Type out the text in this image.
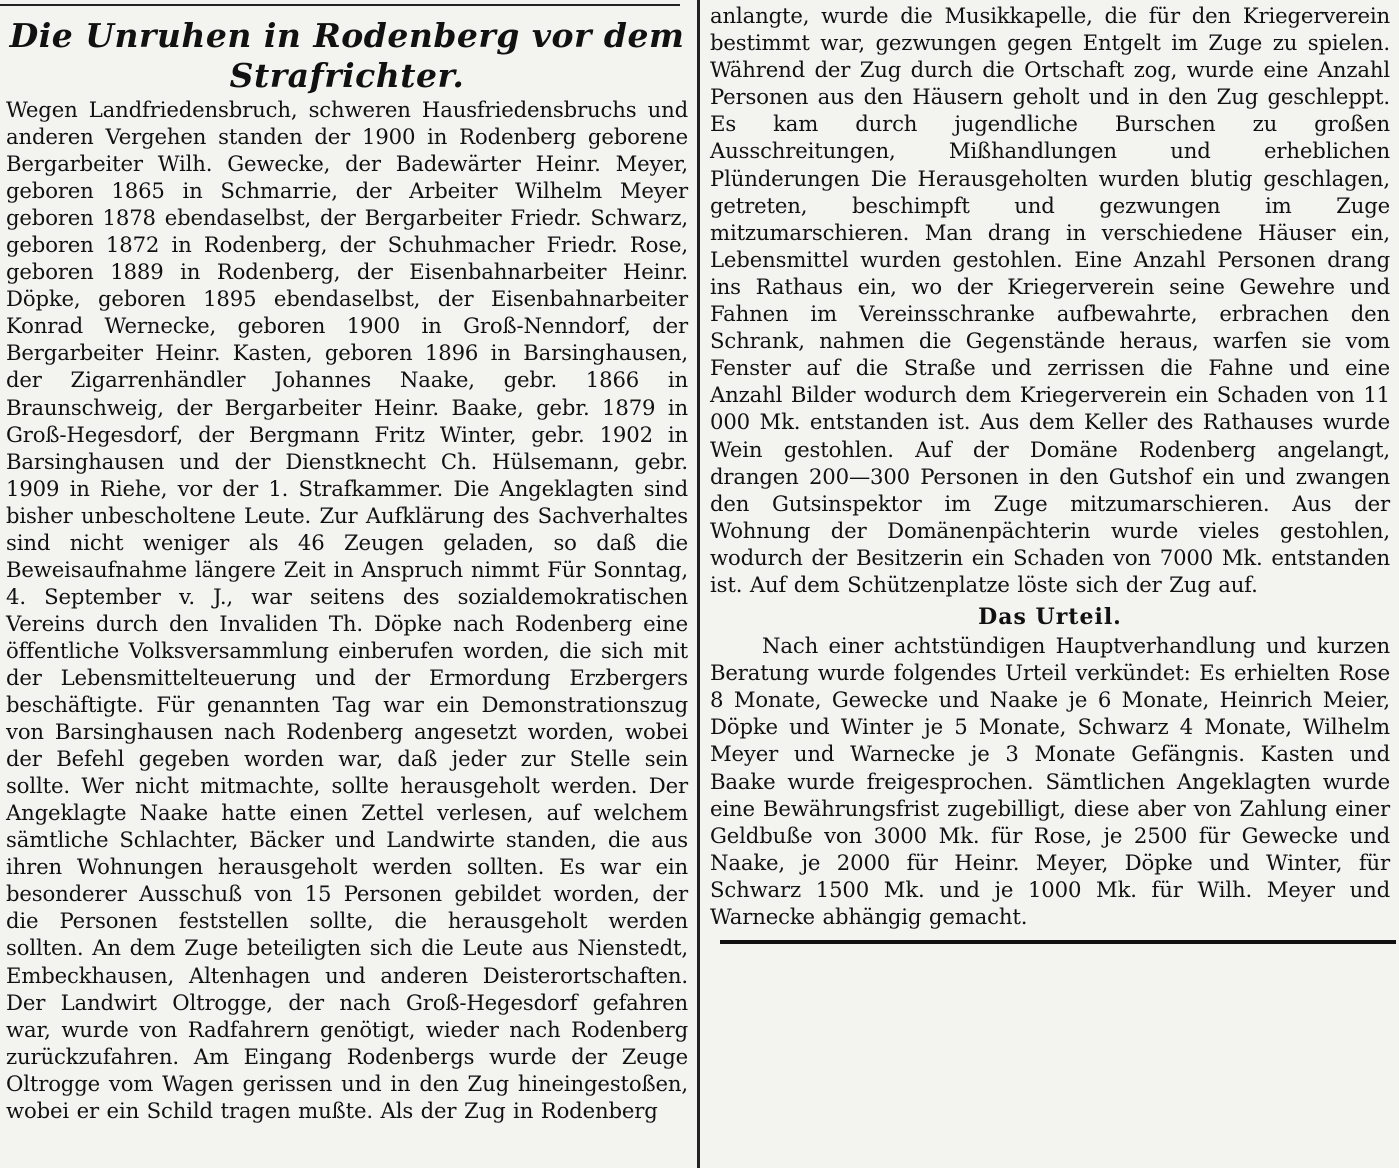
Die Unruhen in Rodenberg vor dem Strafrichter.

Wegen Landfriedensbruch, schweren Hausfriedensbruchs und anderen Vergehen standen der 1900 in Rodenberg geborene Bergarbeiter Wilh. Gewecke, der Badewärter Heinr. Meyer, geboren 1865 in Schmarrie, der Arbeiter Wilhelm Meyer geboren 1878 ebendaselbst, der Bergarbeiter Friedr. Schwarz, geboren 1872 in Rodenberg, der Schuhmacher Friedr. Rose, geboren 1889 in Rodenberg, der Eisenbahnarbeiter Heinr. Döpke, geboren 1895 ebendaselbst, der Eisenbahnarbeiter Konrad Wernecke, geboren 1900 in Groß-Nenndorf, der Bergarbeiter Heinr. Kasten, geboren 1896 in Barsinghausen, der Zigarrenhändler Johannes Naake, gebr. 1866 in Braunschweig, der Bergarbeiter Heinr. Baake, gebr. 1879 in Groß-Hegesdorf, der Bergmann Fritz Winter, gebr. 1902 in Barsinghausen und der Dienstknecht Ch. Hülsemann, gebr. 1909 in Riehe, vor der 1. Strafkammer. Die Angeklagten sind bisher unbescholtene Leute. Zur Aufklärung des Sachverhaltes sind nicht weniger als 46 Zeugen geladen, so daß die Beweisaufnahme längere Zeit in Anspruch nimmt Für Sonntag, 4. September v. J., war seitens des sozialdemokratischen Vereins durch den Invaliden Th. Döpke nach Rodenberg eine öffentliche Volksversammlung einberufen worden, die sich mit der Lebensmittelteuerung und der Ermordung Erzbergers beschäftigte. Für genannten Tag war ein Demonstrationszug von Barsinghausen nach Rodenberg angesetzt worden, wobei der Befehl gegeben worden war, daß jeder zur Stelle sein sollte. Wer nicht mitmachte, sollte herausgeholt werden. Der Angeklagte Naake hatte einen Zettel verlesen, auf welchem sämtliche Schlachter, Bäcker und Landwirte standen, die aus ihren Wohnungen herausgeholt werden sollten. Es war ein besonderer Ausschuß von 15 Personen gebildet worden, der die Personen feststellen sollte, die herausgeholt werden sollten. An dem Zuge beteiligten sich die Leute aus Nienstedt, Embeckhausen, Altenhagen und anderen Deisterortschaften. Der Landwirt Oltrogge, der nach Groß-Hegesdorf gefahren war, wurde von Radfahrern genötigt, wieder nach Rodenberg zurückzufahren. Am Eingang Rodenbergs wurde der Zeuge Oltrogge vom Wagen gerissen und in den Zug hineingestoßen, wobei er ein Schild tragen mußte. Als der Zug in Rodenberg

anlangte, wurde die Musikkapelle, die für den Kriegerverein bestimmt war, gezwungen gegen Entgelt im Zuge zu spielen. Während der Zug durch die Ortschaft zog, wurde eine Anzahl Personen aus den Häusern geholt und in den Zug geschleppt. Es kam durch jugendliche Burschen zu großen Ausschreitungen, Mißhandlungen und erheblichen Plünderungen Die Herausgeholten wurden blutig geschlagen, getreten, beschimpft und gezwungen im Zuge mitzumarschieren. Man drang in verschiedene Häuser ein, Lebensmittel wurden gestohlen. Eine Anzahl Personen drang ins Rathaus ein, wo der Kriegerverein seine Gewehre und Fahnen im Vereinsschranke aufbewahrte, erbrachen den Schrank, nahmen die Gegenstände heraus, warfen sie vom Fenster auf die Straße und zerrissen die Fahne und eine Anzahl Bilder wodurch dem Kriegerverein ein Schaden von 11 000 Mk. entstanden ist. Aus dem Keller des Rathauses wurde Wein gestohlen. Auf der Domäne Rodenberg angelangt, drangen 200—300 Personen in den Gutshof ein und zwangen den Gutsinspektor im Zuge mitzumarschieren. Aus der Wohnung der Domänenpächterin wurde vieles gestohlen, wodurch der Besitzerin ein Schaden von 7000 Mk. entstanden ist. Auf dem Schützenplatze löste sich der Zug auf.

Das Urteil.

Nach einer achtstündigen Hauptverhandlung und kurzen Beratung wurde folgendes Urteil verkündet: Es erhielten Rose 8 Monate, Gewecke und Naake je 6 Monate, Heinrich Meier, Döpke und Winter je 5 Monate, Schwarz 4 Monate, Wilhelm Meyer und Warnecke je 3 Monate Gefängnis. Kasten und Baake wurde freigesprochen. Sämtlichen Angeklagten wurde eine Bewährungsfrist zugebilligt, diese aber von Zahlung einer Geldbuße von 3000 Mk. für Rose, je 2500 für Gewecke und Naake, je 2000 für Heinr. Meyer, Döpke und Winter, für Schwarz 1500 Mk. und je 1000 Mk. für Wilh. Meyer und Warnecke abhängig gemacht.
